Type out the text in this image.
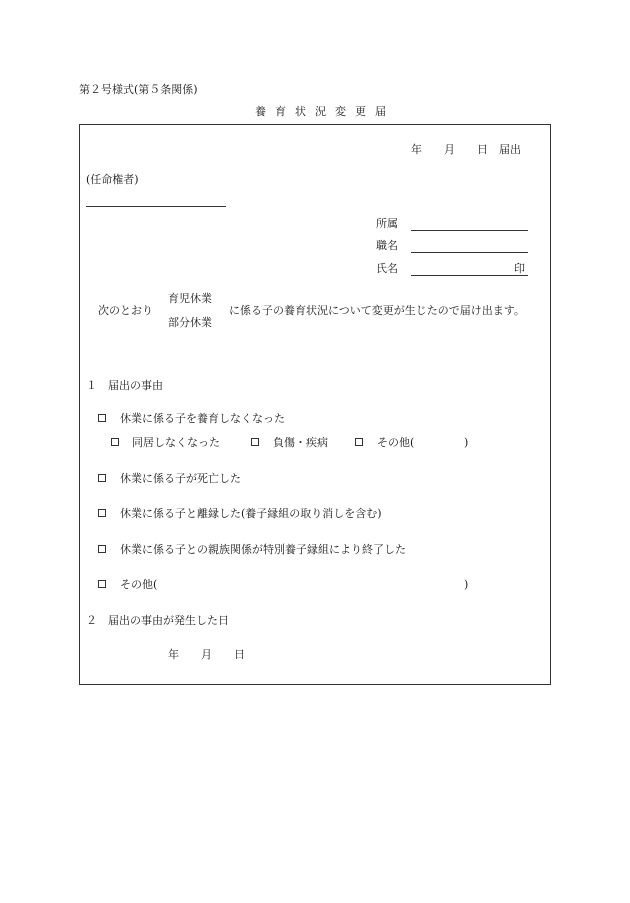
第２号様式(第５条関係)
養 育 状 況 変 更 届
年 月 日 届出
(任命権者)
所属
職名
氏名	印
次のとおり
育児休業
部分休業
に係る子の養育状況について変更が生じたので届け出ます。
１　届出の事由
休業に係る子を養育しなくなった
同居しなくなった	負傷・疾病	その他(	)
休業に係る子が死亡した
休業に係る子と離縁した(養子縁組の取り消しを含む)
休業に係る子との親族関係が特別養子縁組により終了した
その他(	)
２　届出の事由が発生した日
年 月 日
